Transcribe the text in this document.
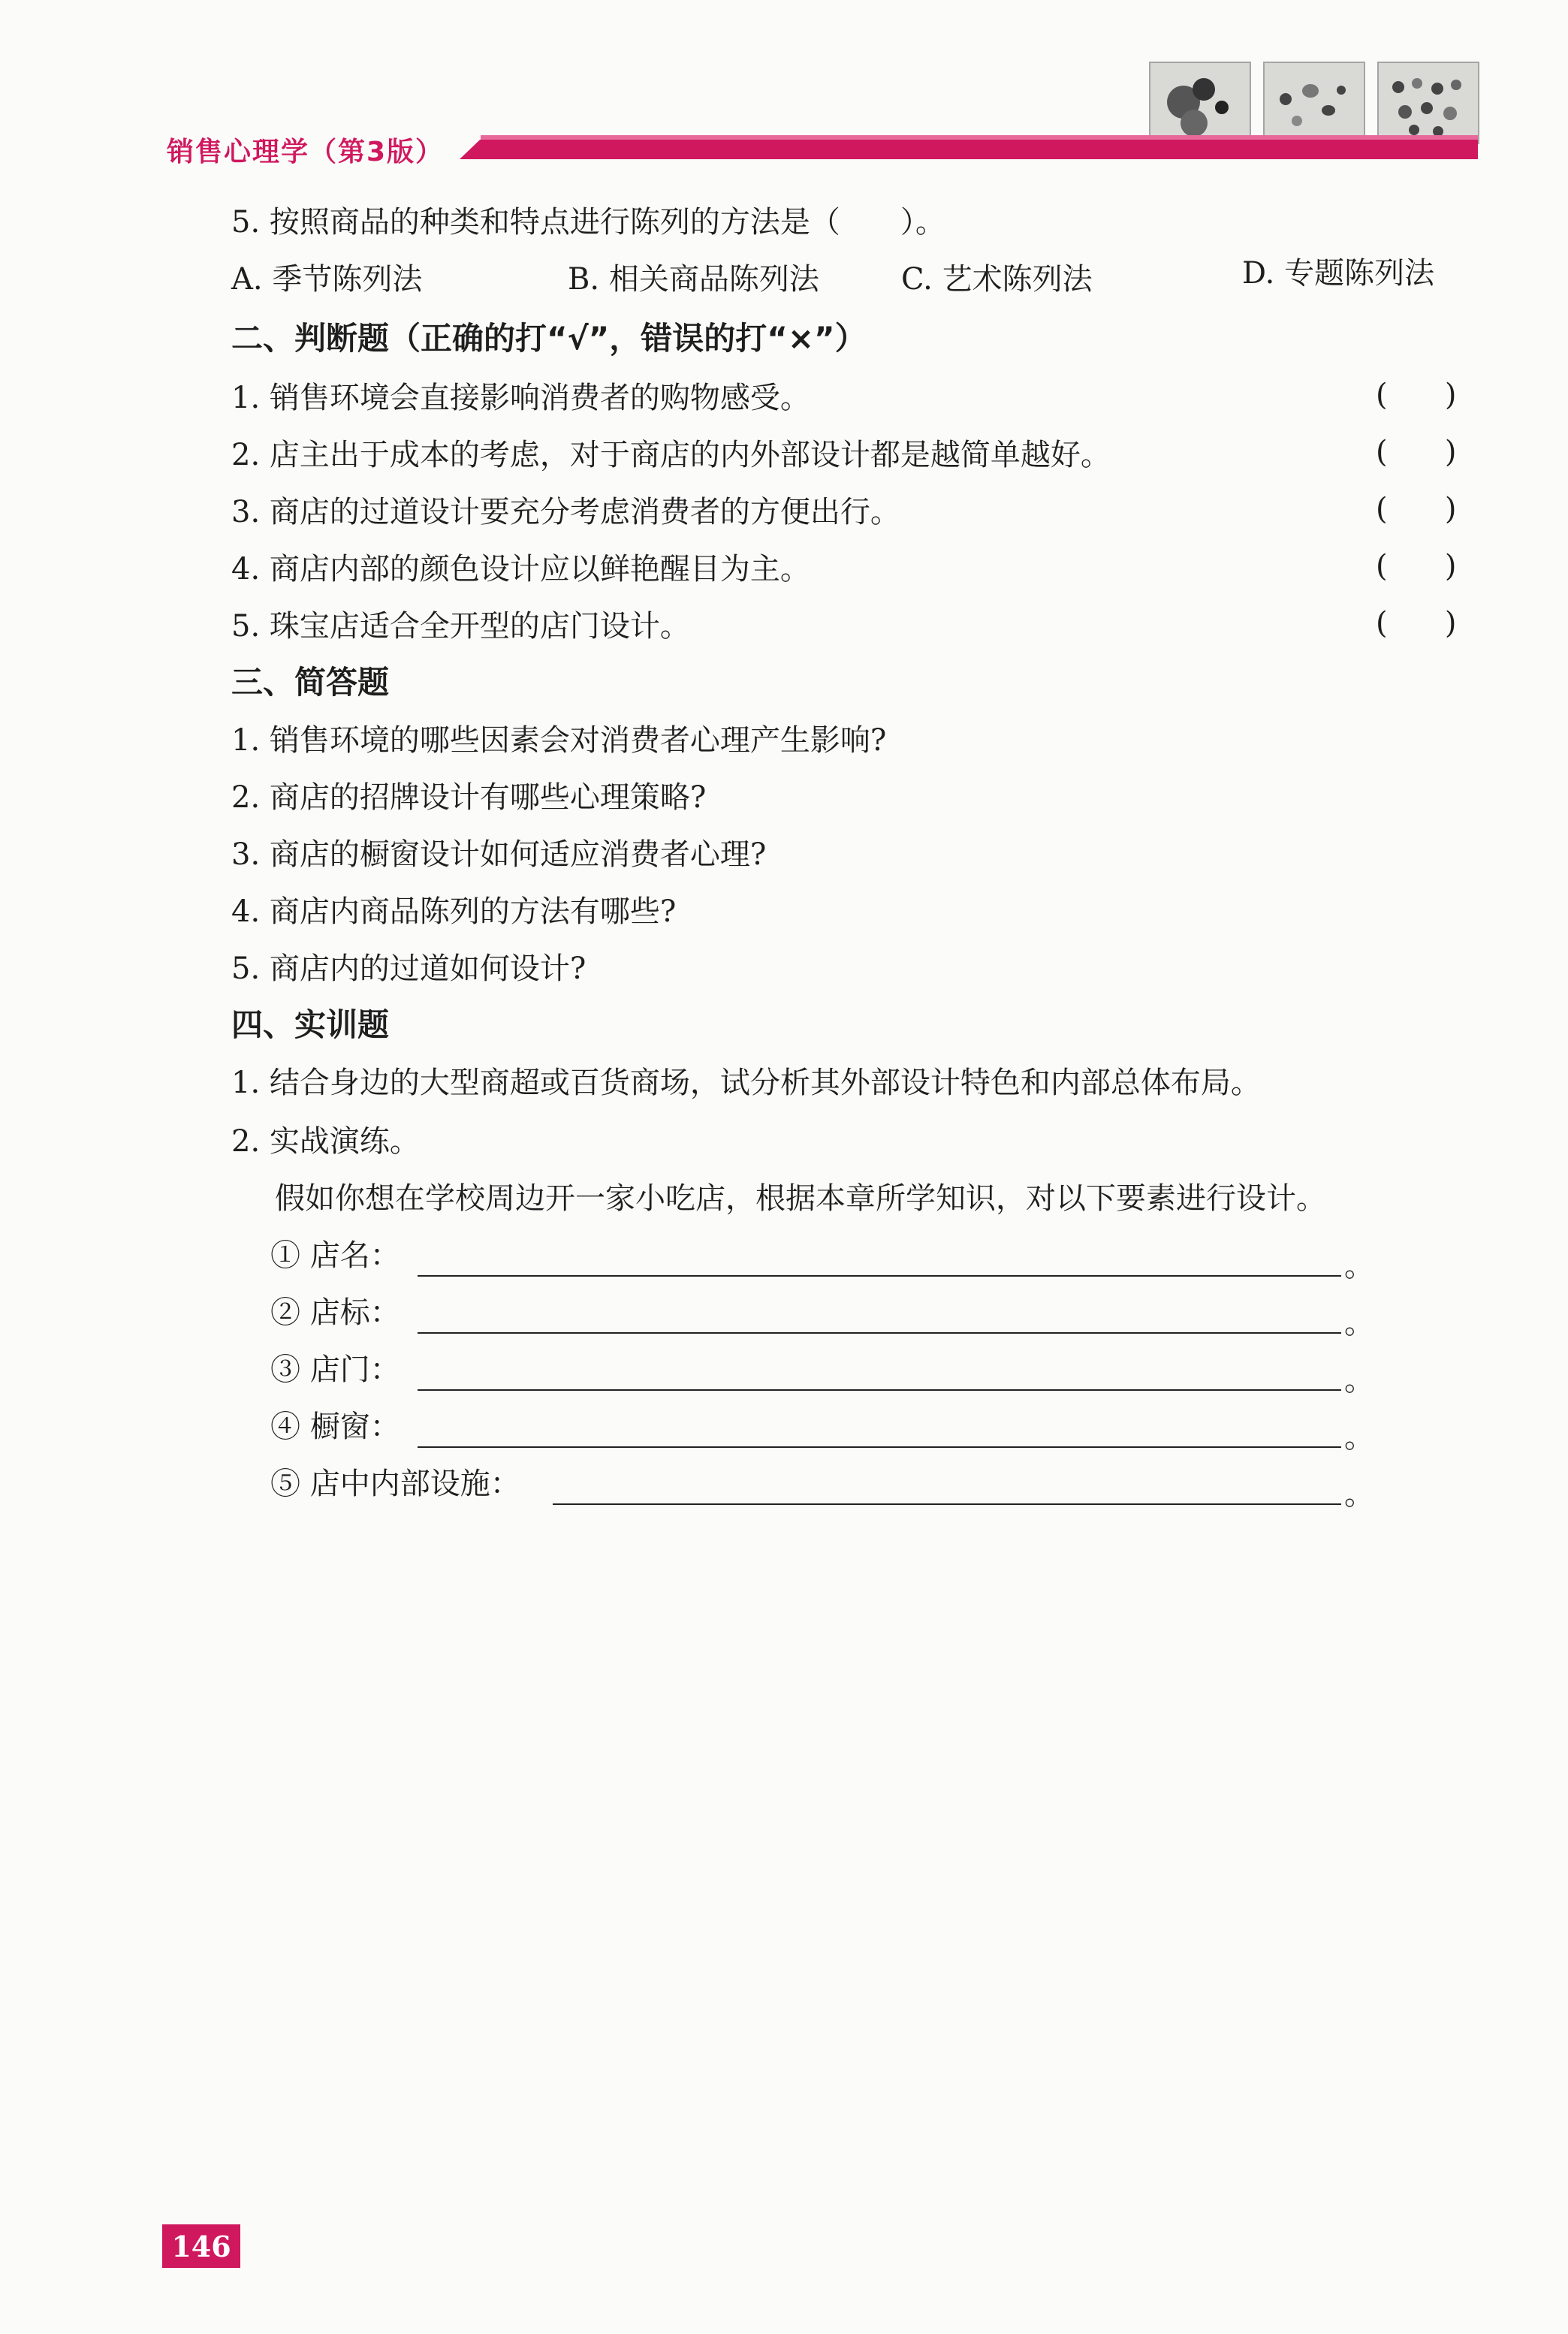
销售心理学（第3版）
5. 按照商品的种类和特点进行陈列的方法是（　　）。
A. 季节陈列法	B. 相关商品陈列法	C. 艺术陈列法	D. 专题陈列法
二、判断题（正确的打“√”，错误的打“×”）
1. 销售环境会直接影响消费者的购物感受。	(      )
2. 店主出于成本的考虑，对于商店的内外部设计都是越简单越好。	(      )
3. 商店的过道设计要充分考虑消费者的方便出行。	(      )
4. 商店内部的颜色设计应以鲜艳醒目为主。	(      )
5. 珠宝店适合全开型的店门设计。	(      )
三、简答题
1. 销售环境的哪些因素会对消费者心理产生影响?
2. 商店的招牌设计有哪些心理策略?
3. 商店的橱窗设计如何适应消费者心理?
4. 商店内商品陈列的方法有哪些?
5. 商店内的过道如何设计?
四、实训题
1. 结合身边的大型商超或百货商场，试分析其外部设计特色和内部总体布局。
2. 实战演练。
假如你想在学校周边开一家小吃店，根据本章所学知识，对以下要素进行设计。
① 店名：	。
② 店标：	。
③ 店门：	。
④ 橱窗：	。
⑤ 店中内部设施：	。
146
